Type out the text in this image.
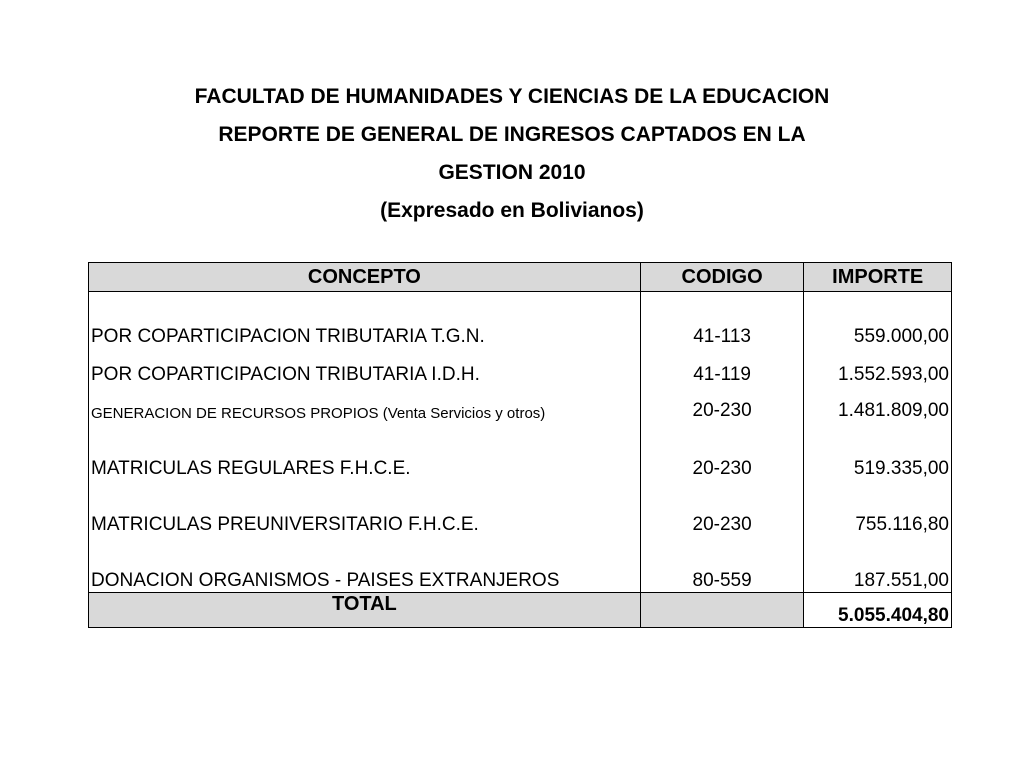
FACULTAD DE HUMANIDADES Y CIENCIAS DE LA EDUCACION
REPORTE DE GENERAL DE INGRESOS CAPTADOS EN LA
GESTION 2010
(Expresado en Bolivianos)
CONCEPTO	CODIGO	IMPORTE

POR COPARTICIPACION TRIBUTARIA T.G.N.	41-113	559.000,00
POR COPARTICIPACION TRIBUTARIA I.D.H.	41-119	1.552.593,00
GENERACION DE RECURSOS PROPIOS (Venta Servicios y otros)	20-230	1.481.809,00
MATRICULAS REGULARES F.H.C.E.	20-230	519.335,00
MATRICULAS PREUNIVERSITARIO F.H.C.E.	20-230	755.116,80
DONACION ORGANISMOS - PAISES EXTRANJEROS	80-559	187.551,00
TOTAL		5.055.404,80
